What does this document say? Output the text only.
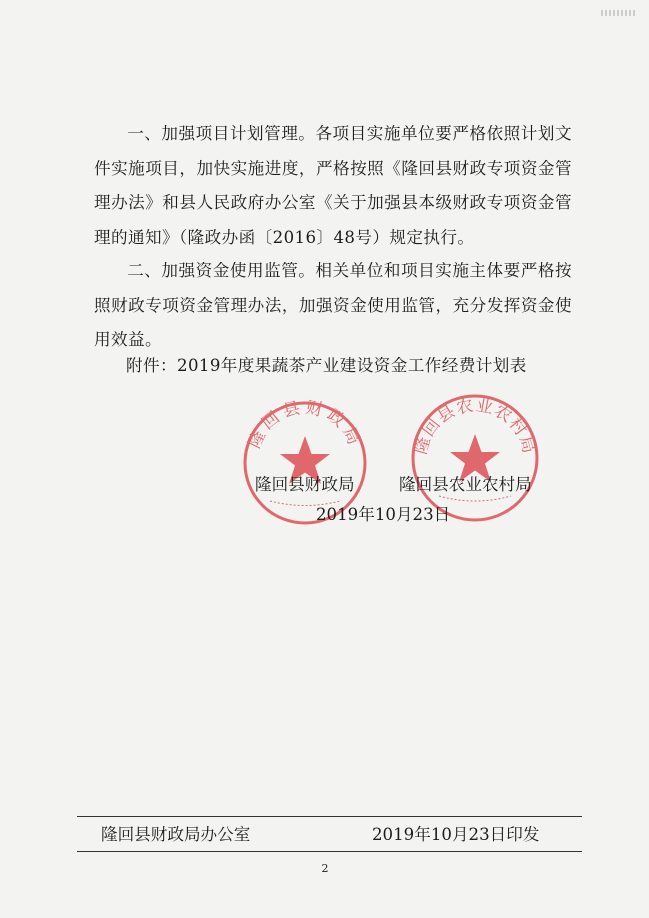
一、加强项目计划管理。各项目实施单位要严格依照计划文件实施项目，加快实施进度，严格按照《隆回县财政专项资金管理办法》和县人民政府办公室《关于加强县本级财政专项资金管理的通知》（隆政办函〔2016〕48号）规定执行。

二、加强资金使用监管。相关单位和项目实施主体要严格按照财政专项资金管理办法，加强资金使用监管，充分发挥资金使用效益。

附件：2019年度果蔬茶产业建设资金工作经费计划表
隆回县财政局	隆回县农业农村局
隆回县财政局	隆回县农业农村局
2019年10月23日
隆回县财政局办公室	2019年10月23日印发
2
